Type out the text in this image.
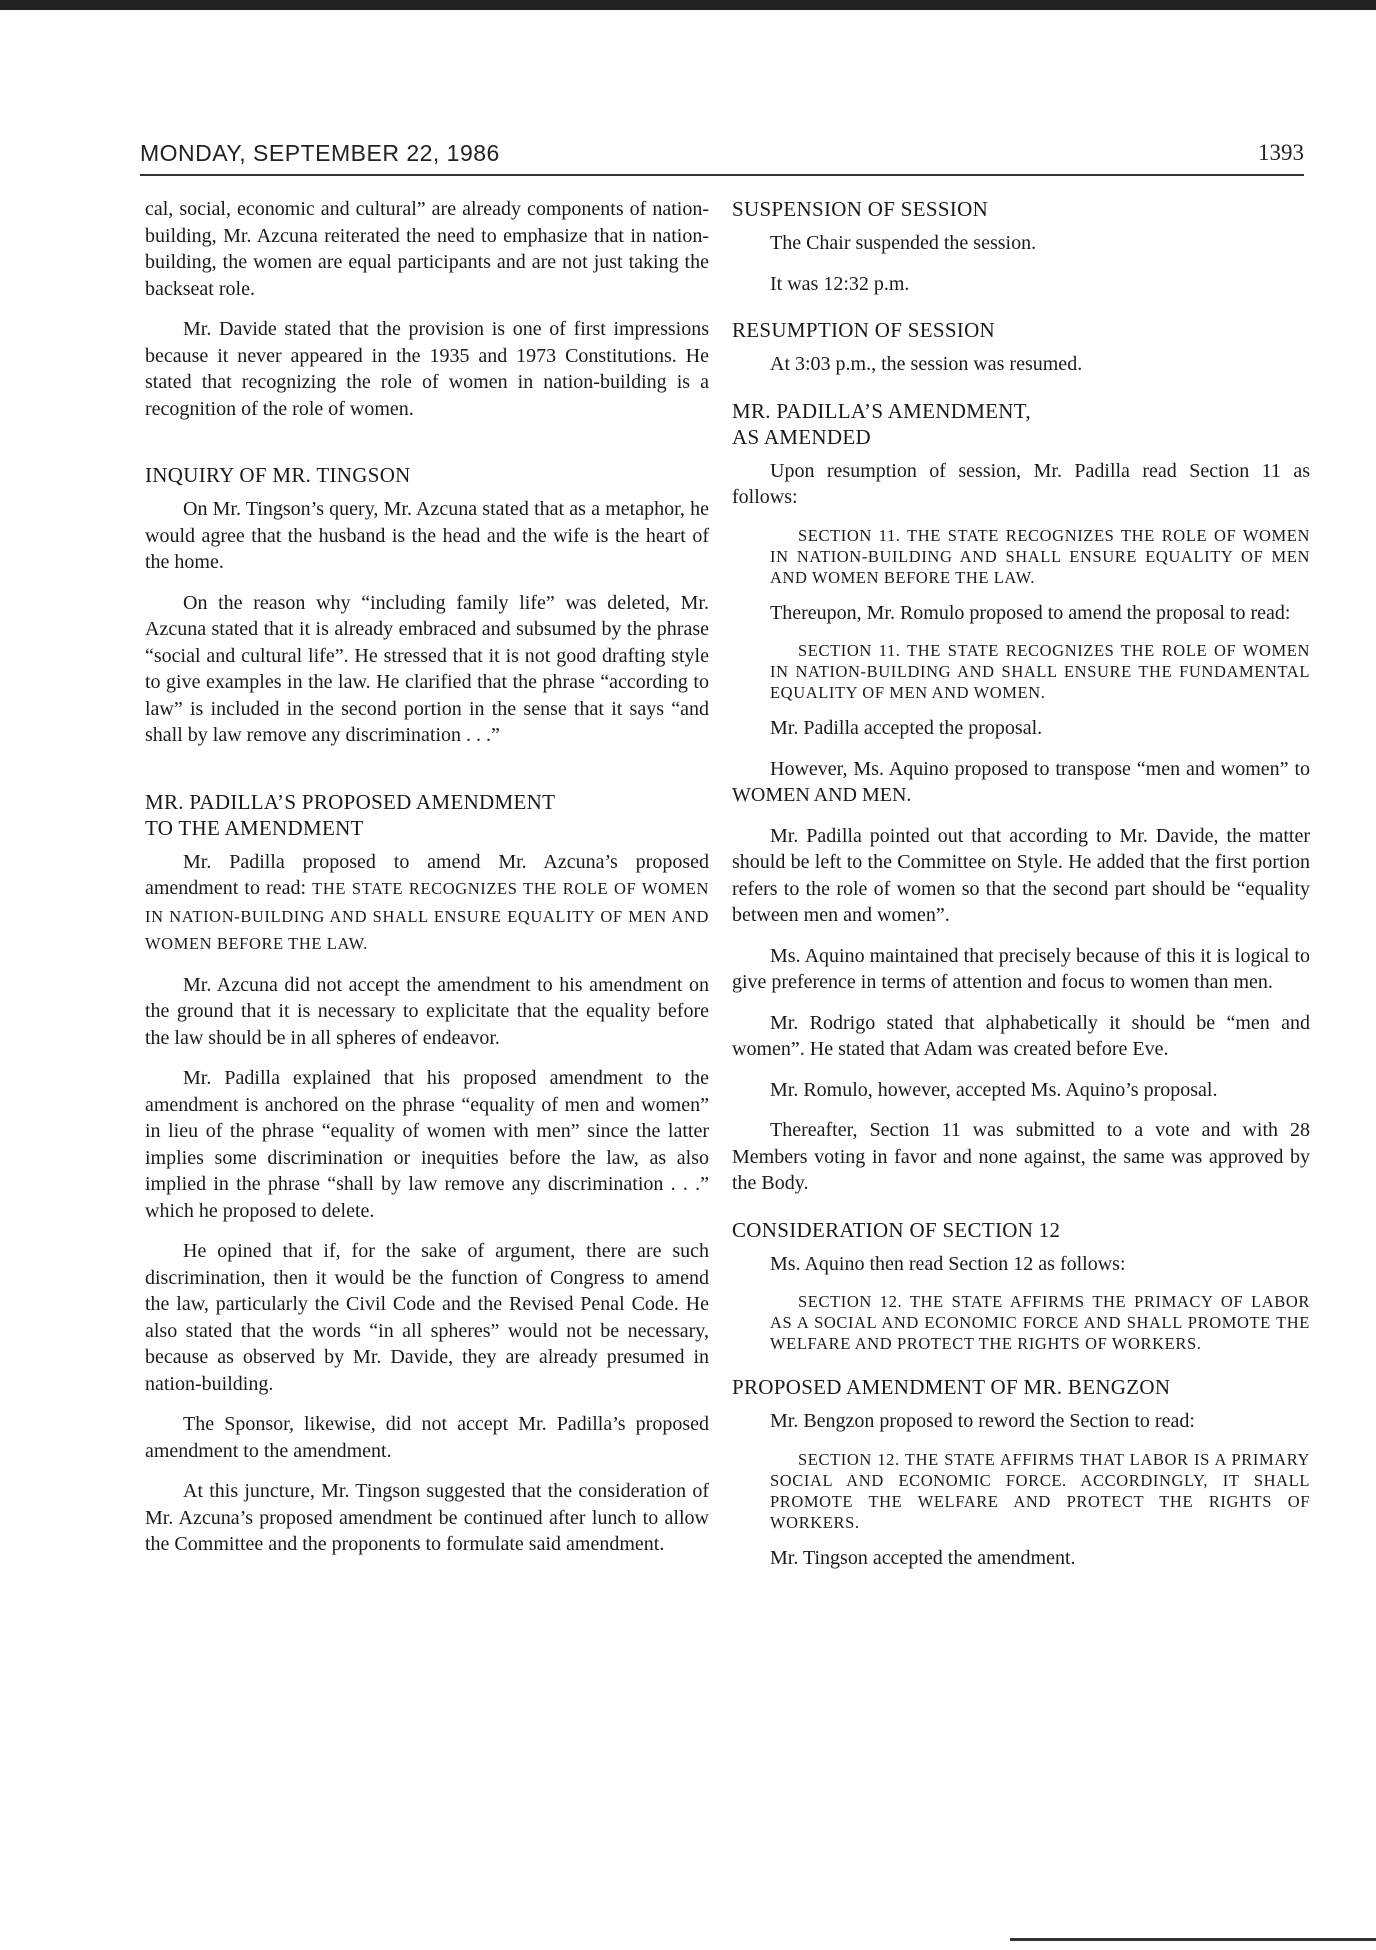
MONDAY, SEPTEMBER 22, 1986	1393

cal, social, economic and cultural” are already components of nation-building, Mr. Azcuna reiterated the need to emphasize that in nation-building, the women are equal participants and are not just taking the backseat role.

Mr. Davide stated that the provision is one of first impressions because it never appeared in the 1935 and 1973 Constitutions. He stated that recognizing the role of women in nation-building is a recognition of the role of women.

INQUIRY OF MR. TINGSON

On Mr. Tingson’s query, Mr. Azcuna stated that as a metaphor, he would agree that the husband is the head and the wife is the heart of the home.

On the reason why “including family life” was deleted, Mr. Azcuna stated that it is already embraced and subsumed by the phrase “social and cultural life”. He stressed that it is not good drafting style to give examples in the law. He clarified that the phrase “according to law” is included in the second portion in the sense that it says “and shall by law remove any discrimination . . .”

MR. PADILLA’S PROPOSED AMENDMENT
TO THE AMENDMENT

Mr. Padilla proposed to amend Mr. Azcuna’s proposed amendment to read: THE STATE RECOGNIZES THE ROLE OF WOMEN IN NATION-BUILDING AND SHALL ENSURE EQUALITY OF MEN AND WOMEN BEFORE THE LAW.

Mr. Azcuna did not accept the amendment to his amendment on the ground that it is necessary to explicitate that the equality before the law should be in all spheres of endeavor.

Mr. Padilla explained that his proposed amendment to the amendment is anchored on the phrase “equality of men and women” in lieu of the phrase “equality of women with men” since the latter implies some discrimination or inequities before the law, as also implied in the phrase “shall by law remove any discrimination . . .” which he proposed to delete.

He opined that if, for the sake of argument, there are such discrimination, then it would be the function of Congress to amend the law, particularly the Civil Code and the Revised Penal Code. He also stated that the words “in all spheres” would not be necessary, because as observed by Mr. Davide, they are already presumed in nation-building.

The Sponsor, likewise, did not accept Mr. Padilla’s proposed amendment to the amendment.

At this juncture, Mr. Tingson suggested that the consideration of Mr. Azcuna’s proposed amendment be continued after lunch to allow the Committee and the proponents to formulate said amendment.

SUSPENSION OF SESSION

The Chair suspended the session.

It was 12:32 p.m.

RESUMPTION OF SESSION

At 3:03 p.m., the session was resumed.

MR. PADILLA’S AMENDMENT,
AS AMENDED

Upon resumption of session, Mr. Padilla read Section 11 as follows:

SECTION 11. THE STATE RECOGNIZES THE ROLE OF WOMEN IN NATION-BUILDING AND SHALL ENSURE EQUALITY OF MEN AND WOMEN BEFORE THE LAW.

Thereupon, Mr. Romulo proposed to amend the proposal to read:

SECTION 11. THE STATE RECOGNIZES THE ROLE OF WOMEN IN NATION-BUILDING AND SHALL ENSURE THE FUNDAMENTAL EQUALITY OF MEN AND WOMEN.

Mr. Padilla accepted the proposal.

However, Ms. Aquino proposed to transpose “men and women” to WOMEN AND MEN.

Mr. Padilla pointed out that according to Mr. Davide, the matter should be left to the Committee on Style. He added that the first portion refers to the role of women so that the second part should be “equality between men and women”.

Ms. Aquino maintained that precisely because of this it is logical to give preference in terms of attention and focus to women than men.

Mr. Rodrigo stated that alphabetically it should be “men and women”. He stated that Adam was created before Eve.

Mr. Romulo, however, accepted Ms. Aquino’s proposal.

Thereafter, Section 11 was submitted to a vote and with 28 Members voting in favor and none against, the same was approved by the Body.

CONSIDERATION OF SECTION 12

Ms. Aquino then read Section 12 as follows:

SECTION 12. THE STATE AFFIRMS THE PRIMACY OF LABOR AS A SOCIAL AND ECONOMIC FORCE AND SHALL PROMOTE THE WELFARE AND PROTECT THE RIGHTS OF WORKERS.
PROPOSED AMENDMENT OF MR. BENGZON

Mr. Bengzon proposed to reword the Section to read:

SECTION 12. THE STATE AFFIRMS THAT LABOR IS A PRIMARY SOCIAL AND ECONOMIC FORCE. ACCORDINGLY, IT SHALL PROMOTE THE WELFARE AND PROTECT THE RIGHTS OF WORKERS.

Mr. Tingson accepted the amendment.
